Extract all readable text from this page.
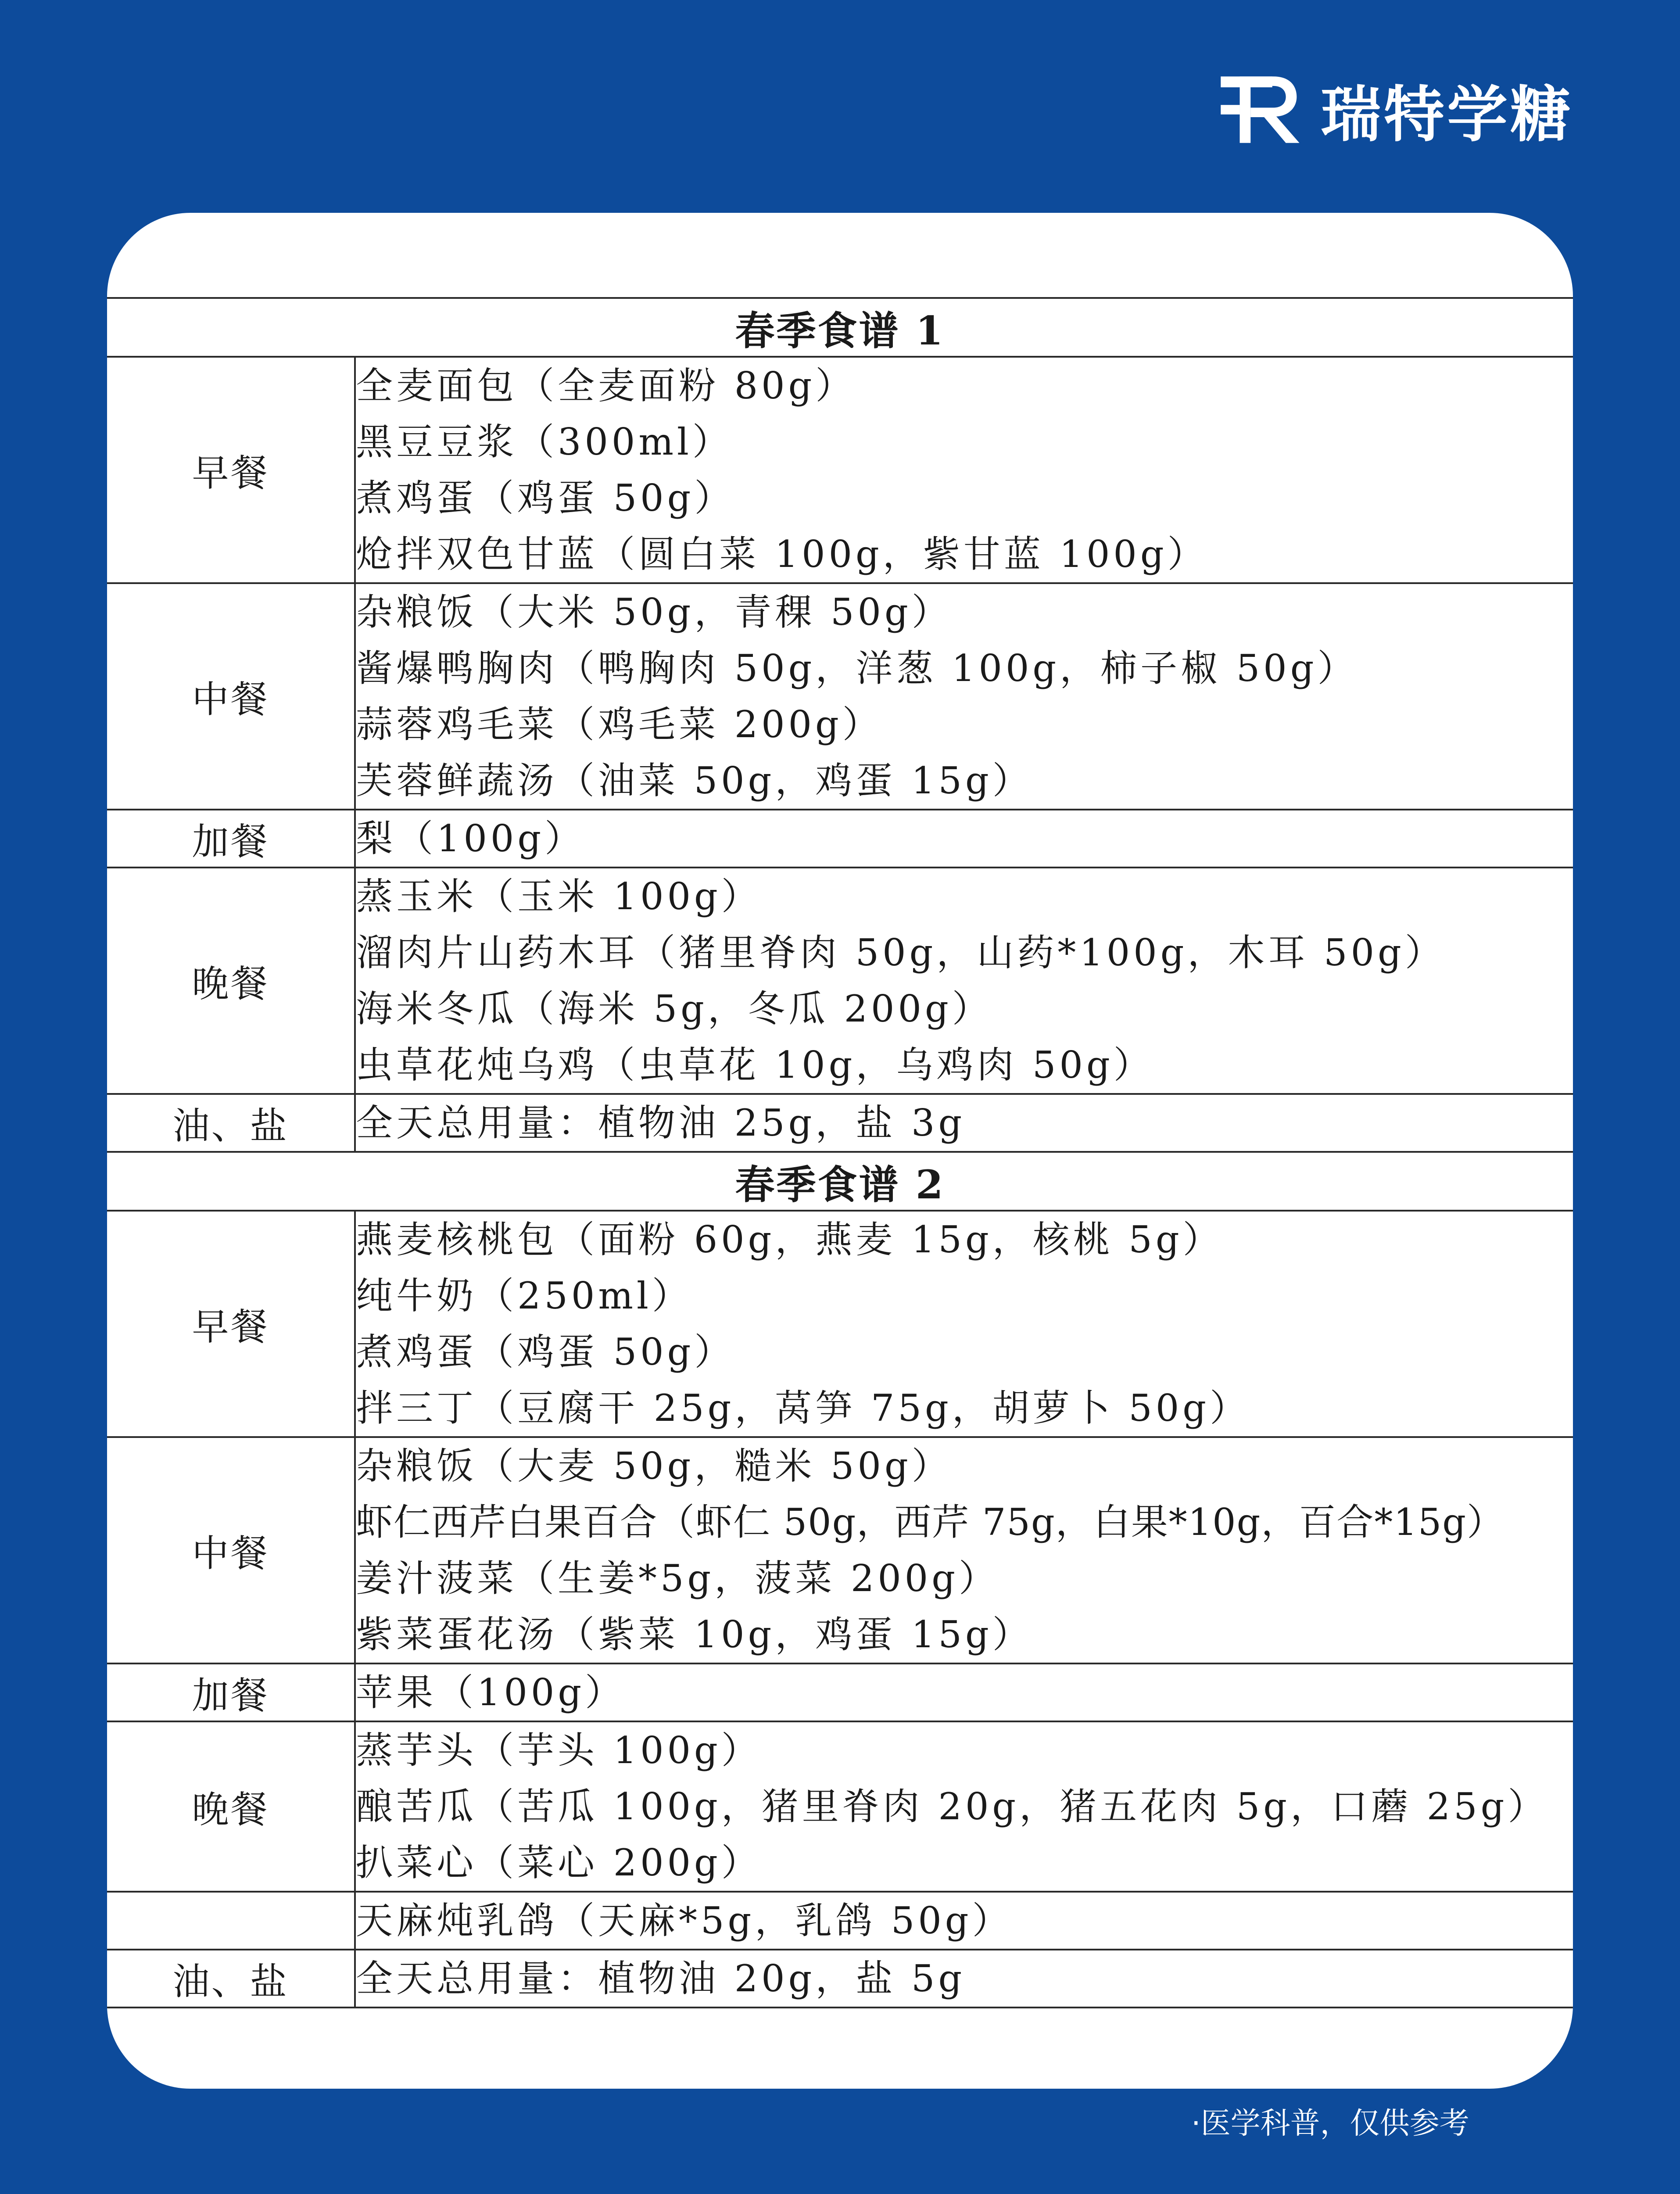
瑞特学糖
春季食谱 1	
早餐	全麦面包（全麦面粉 80g）
黑豆豆浆（300ml）
煮鸡蛋（鸡蛋 50g）
炝拌双色甘蓝（圆白菜 100g，紫甘蓝 100g）

中餐	杂粮饭（大米 50g，青稞 50g）
酱爆鸭胸肉（鸭胸肉 50g，洋葱 100g，柿子椒 50g）
蒜蓉鸡毛菜（鸡毛菜 200g）
芙蓉鲜蔬汤（油菜 50g，鸡蛋 15g）

加餐	梨（100g）

晚餐	蒸玉米（玉米 100g）
溜肉片山药木耳（猪里脊肉 50g，山药*100g，木耳 50g）
海米冬瓜（海米 5g，冬瓜 200g）
虫草花炖乌鸡（虫草花 10g，乌鸡肉 50g）

油、盐	全天总用量：植物油 25g，盐 3g

春季食谱 2	
早餐	燕麦核桃包（面粉 60g，燕麦 15g，核桃 5g）
纯牛奶（250ml）
煮鸡蛋（鸡蛋 50g）
拌三丁（豆腐干 25g，莴笋 75g，胡萝卜 50g）

中餐	杂粮饭（大麦 50g，糙米 50g）
虾仁西芹白果百合（虾仁 50g，西芹 75g，白果*10g，百合*15g）
姜汁菠菜（生姜*5g，菠菜 200g）
紫菜蛋花汤（紫菜 10g，鸡蛋 15g）

加餐	苹果（100g）

晚餐	蒸芋头（芋头 100g）
酿苦瓜（苦瓜 100g，猪里脊肉 20g，猪五花肉 5g，口蘑 25g）
扒菜心（菜心 200g）

	天麻炖乳鸽（天麻*5g，乳鸽 50g）

油、盐	全天总用量：植物油 20g，盐 5g
·医学科普，仅供参考
